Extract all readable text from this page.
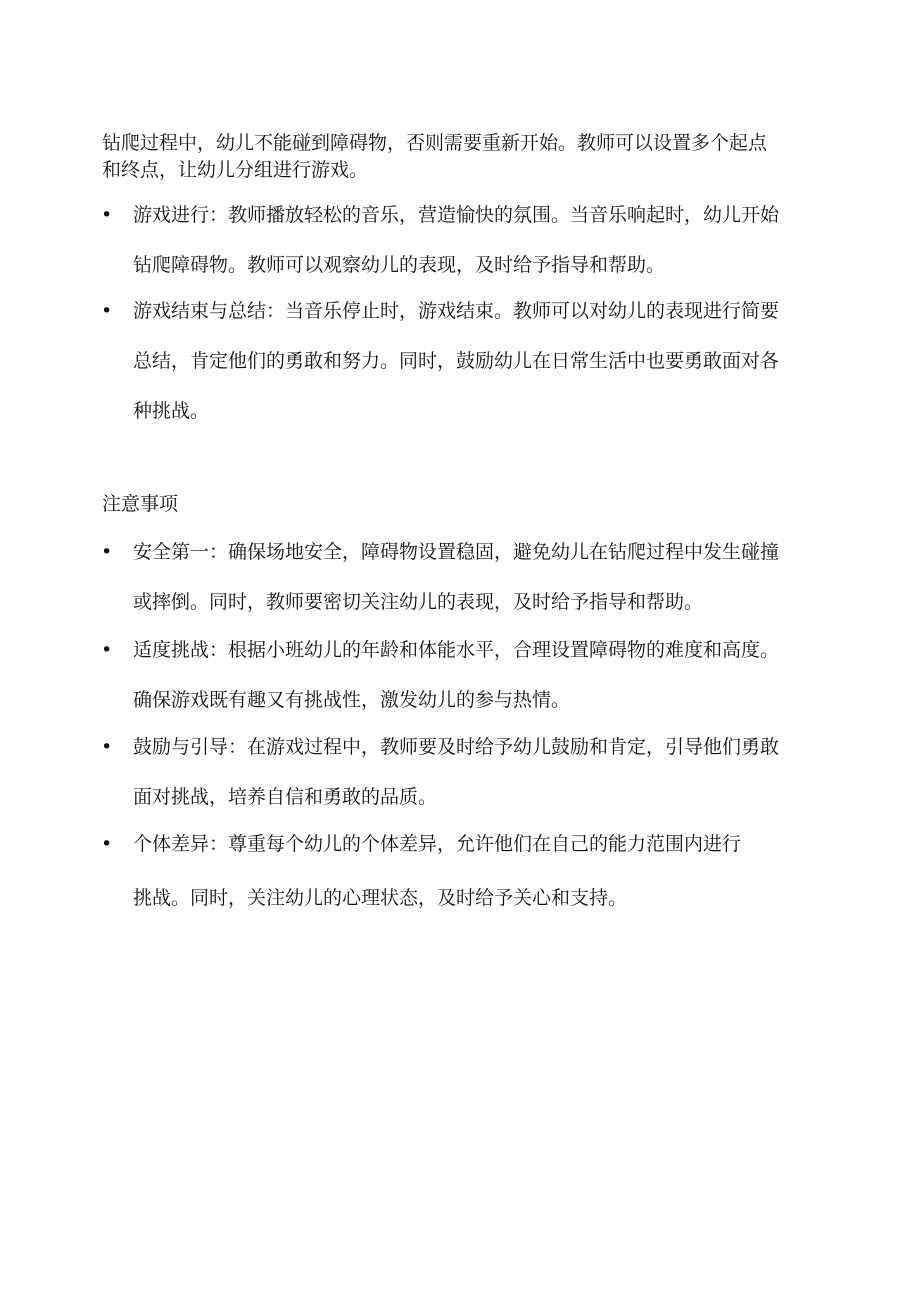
钻爬过程中，幼儿不能碰到障碍物，否则需要重新开始。教师可以设置多个起点
和终点，让幼儿分组进行游戏。

• 游戏进行：教师播放轻松的音乐，营造愉快的氛围。当音乐响起时，幼儿开始
钻爬障碍物。教师可以观察幼儿的表现，及时给予指导和帮助。
• 游戏结束与总结：当音乐停止时，游戏结束。教师可以对幼儿的表现进行简要
总结，肯定他们的勇敢和努力。同时，鼓励幼儿在日常生活中也要勇敢面对各
种挑战。
注意事项
• 安全第一：确保场地安全，障碍物设置稳固，避免幼儿在钻爬过程中发生碰撞
或摔倒。同时，教师要密切关注幼儿的表现，及时给予指导和帮助。
• 适度挑战：根据小班幼儿的年龄和体能水平，合理设置障碍物的难度和高度。
确保游戏既有趣又有挑战性，激发幼儿的参与热情。
• 鼓励与引导：在游戏过程中，教师要及时给予幼儿鼓励和肯定，引导他们勇敢
面对挑战，培养自信和勇敢的品质。
• 个体差异：尊重每个幼儿的个体差异，允许他们在自己的能力范围内进行
挑战。同时，关注幼儿的心理状态，及时给予关心和支持。
